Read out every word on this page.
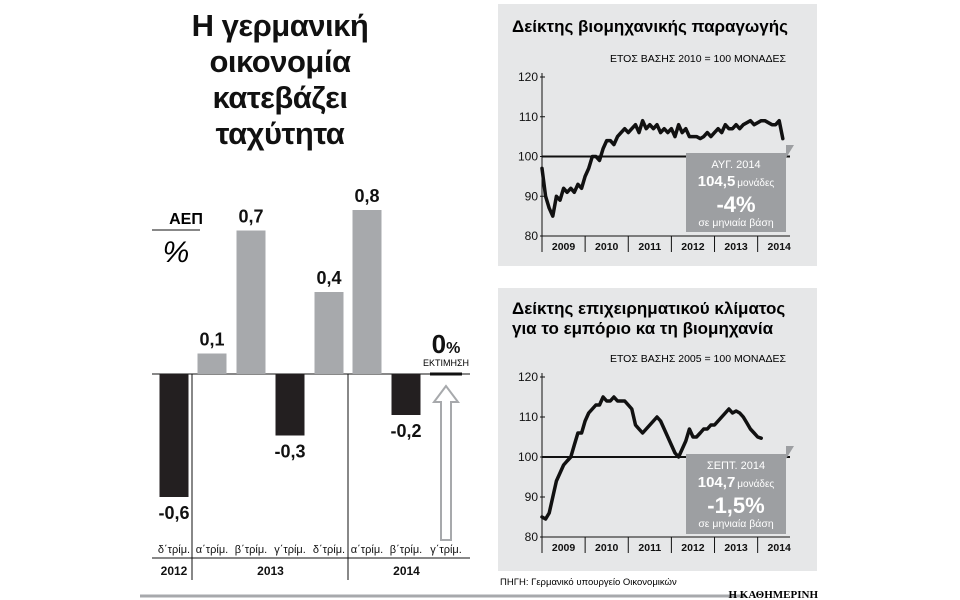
Η γερμανική
οικονομία
κατεβάζει
ταχύτητα
ΑΕΠ
%
-0,6
0,1
0,7
-0,3
0,4
0,8
-0,2
δ΄τρίμ. α΄τρίμ. β΄τρίμ. γ΄τρίμ. δ΄τρίμ. α΄τρίμ. β΄τρίμ. γ΄τρίμ.
2012	2013	2014
0%
ΕΚΤΙΜΗΣΗ
Δείκτης βιομηχανικής παραγωγής
ΕΤΟΣ ΒΑΣΗΣ 2010 = 100 ΜΟΝΑΔΕΣ
Δείκτης επιχειρηματικού κλίματος
για το εμπόριο κα τη βιομηχανία
ΕΤΟΣ ΒΑΣΗΣ 2005 = 100 ΜΟΝΑΔΕΣ
80
90
100
110
120
2009 2010 2011 2012 2013 2014
80
90
100
110
120
2009 2010 2011 2012 2013 2014
ΑΥΓ. 2014
104,5 μονάδες
-4%
σε μηνιαία βάση
ΣΕΠΤ. 2014
104,7 μονάδες
-1,5%
σε μηνιαία βάση
ΠΗΓΗ: Γερμανικό υπουργείο Οικονομικών
Η ΚΑΘΗΜΕΡΙΝΗ
